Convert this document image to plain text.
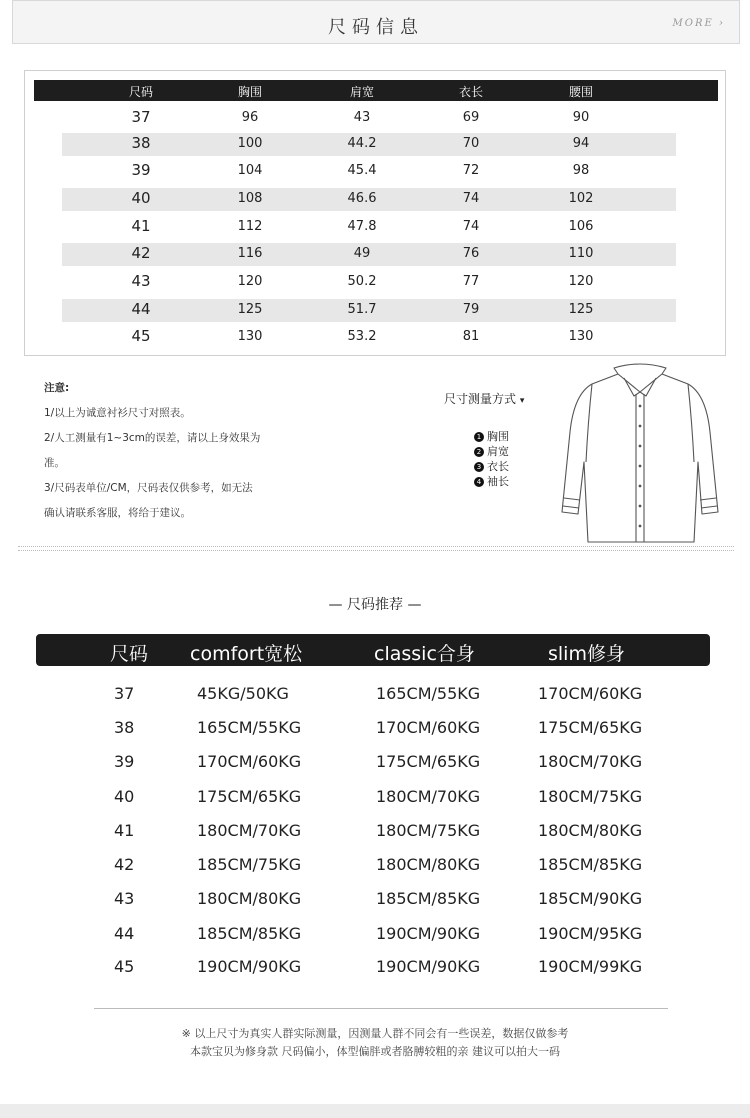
尺码信息	MORE ›
尺码	胸围	肩宽	衣长	腰围
37	96	43	69	90
38	100	44.2	70	94
39	104	45.4	72	98
40	108	46.6	74	102
41	112	47.8	74	106
42	116	49	76	110
43	120	50.2	77	120
44	125	51.7	79	125
45	130	53.2	81	130
注意:
1/以上为诚意衬衫尺寸对照表。
2/人工测量有1~3cm的误差，请以上身效果为
准。
3/尺码表单位/CM，尺码表仅供参考，如无法
确认请联系客服，将给于建议。
尺寸测量方式 ▾
1 胸围
2 肩宽
3 衣长
4 袖长
— 尺码推荐 —
尺码 comfort宽松	classic合身	slim修身
37	45KG/50KG	165CM/55KG	170CM/60KG
38	165CM/55KG	170CM/60KG	175CM/65KG
39	170CM/60KG	175CM/65KG	180CM/70KG
40	175CM/65KG	180CM/70KG	180CM/75KG
41	180CM/70KG	180CM/75KG	180CM/80KG
42	185CM/75KG	180CM/80KG	185CM/85KG
43	180CM/80KG	185CM/85KG	185CM/90KG
44	185CM/85KG	190CM/90KG	190CM/95KG
45	190CM/90KG	190CM/90KG	190CM/99KG
※ 以上尺寸为真实人群实际测量，因测量人群不同会有一些误差，数据仅做参考
本款宝贝为修身款 尺码偏小，体型偏胖或者胳膊较粗的亲 建议可以拍大一码
